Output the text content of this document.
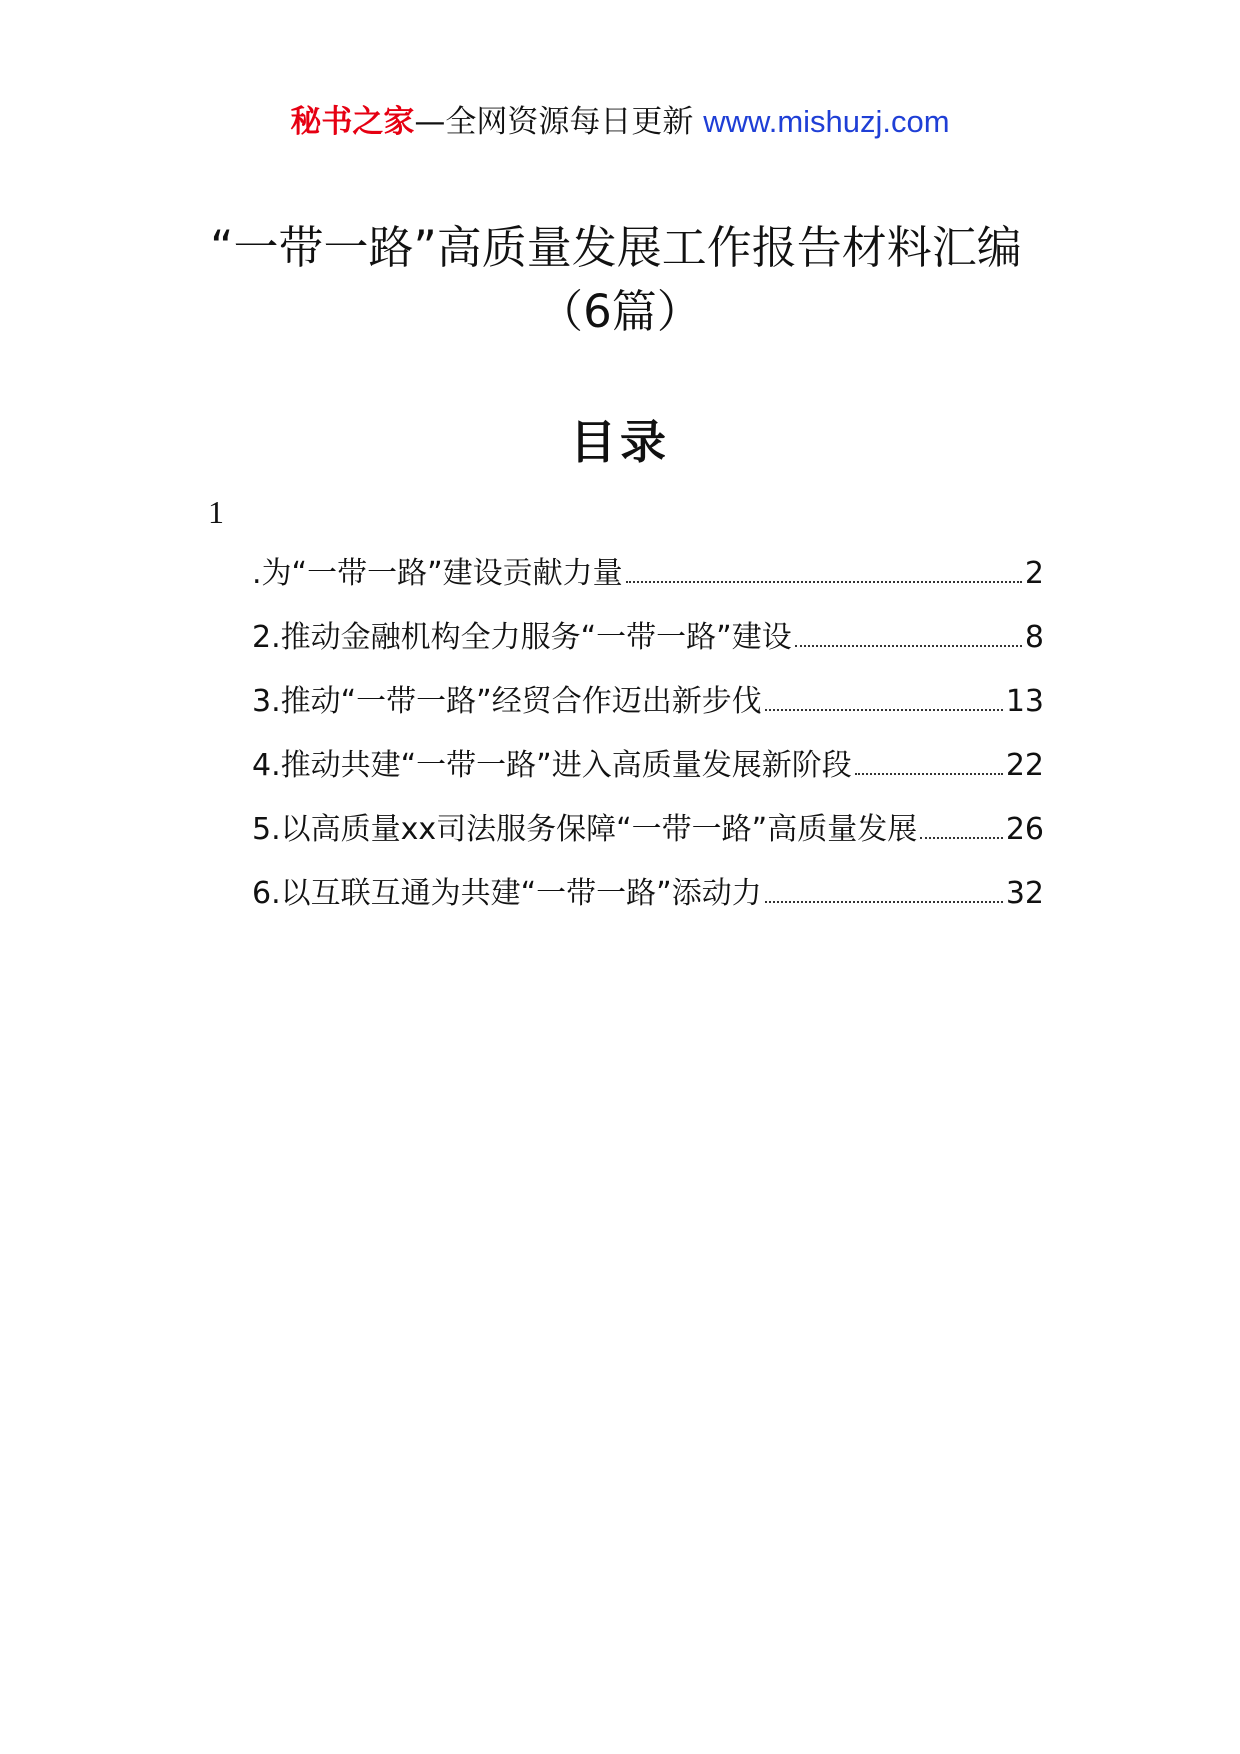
秘书之家—全网资源每日更新 www.mishuzj.com
“一带一路”高质量发展工作报告材料汇编
（6篇）
目录
1
.为“一带一路”建设贡献力量	2
2.推动金融机构全力服务“一带一路”建设	8
3.推动“一带一路”经贸合作迈出新步伐	13
4.推动共建“一带一路”进入高质量发展新阶段	22
5.以高质量xx司法服务保障“一带一路”高质量发展	26
6.以互联互通为共建“一带一路”添动力	32
